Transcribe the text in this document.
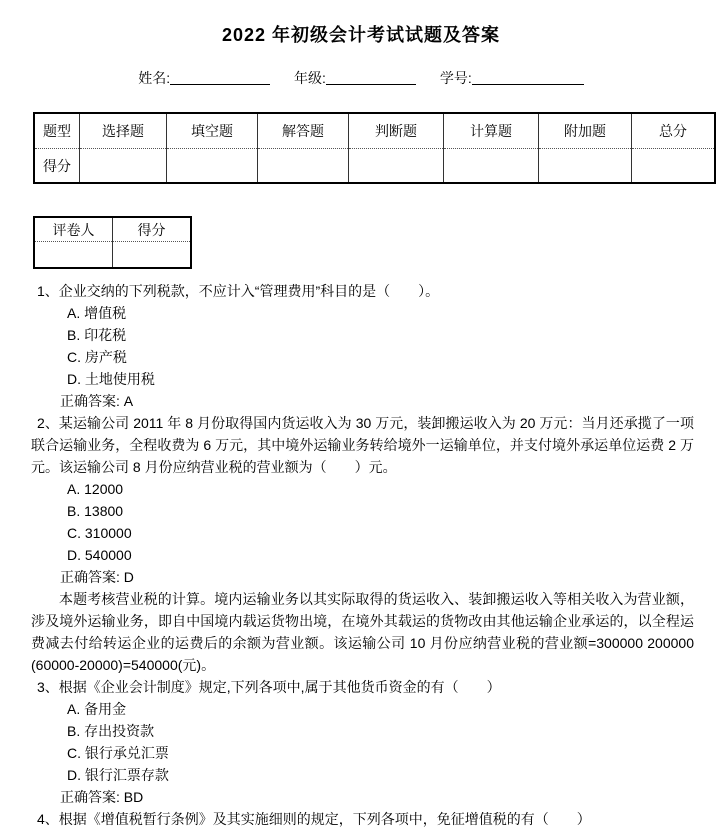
2022 年初级会计考试试题及答案
姓名:	年级:	学号:
题型	选择题	填空题	解答题	判断题	计算题	附加题	总分
得分							
评卷人	得分

1、企业交纳的下列税款，不应计入“管理费用”科目的是（　　）。

A. 增值税
B. 印花税
C. 房产税
D. 土地使用税
正确答案: A

2、某运输公司 2011 年 8 月份取得国内货运收入为 30 万元，装卸搬运收入为 20 万元：当月还承揽了一项联合运输业务，全程收费为 6 万元，其中境外运输业务转给境外一运输单位，并支付境外承运单位运费 2 万元。该运输公司 8 月份应纳营业税的营业额为（　　）元。

A. 12000
B. 13800
C. 310000
D. 540000
正确答案: D

本题考核营业税的计算。境内运输业务以其实际取得的货运收入、装卸搬运收入等相关收入为营业额，涉及境外运输业务，即自中国境内载运货物出境，在境外其载运的货物改由其他运输企业承运的，以全程运费减去付给转运企业的运费后的余额为营业额。该运输公司 10 月份应纳营业税的营业额=300000 200000 (60000-20000)=540000(元)。

3、根据《企业会计制度》规定,下列各项中,属于其他货币资金的有（　　）

A. 备用金
B. 存出投资款
C. 银行承兑汇票
D. 银行汇票存款
正确答案: BD

4、根据《增值税暂行条例》及其实施细则的规定，下列各项中，免征增值税的有（　　）
